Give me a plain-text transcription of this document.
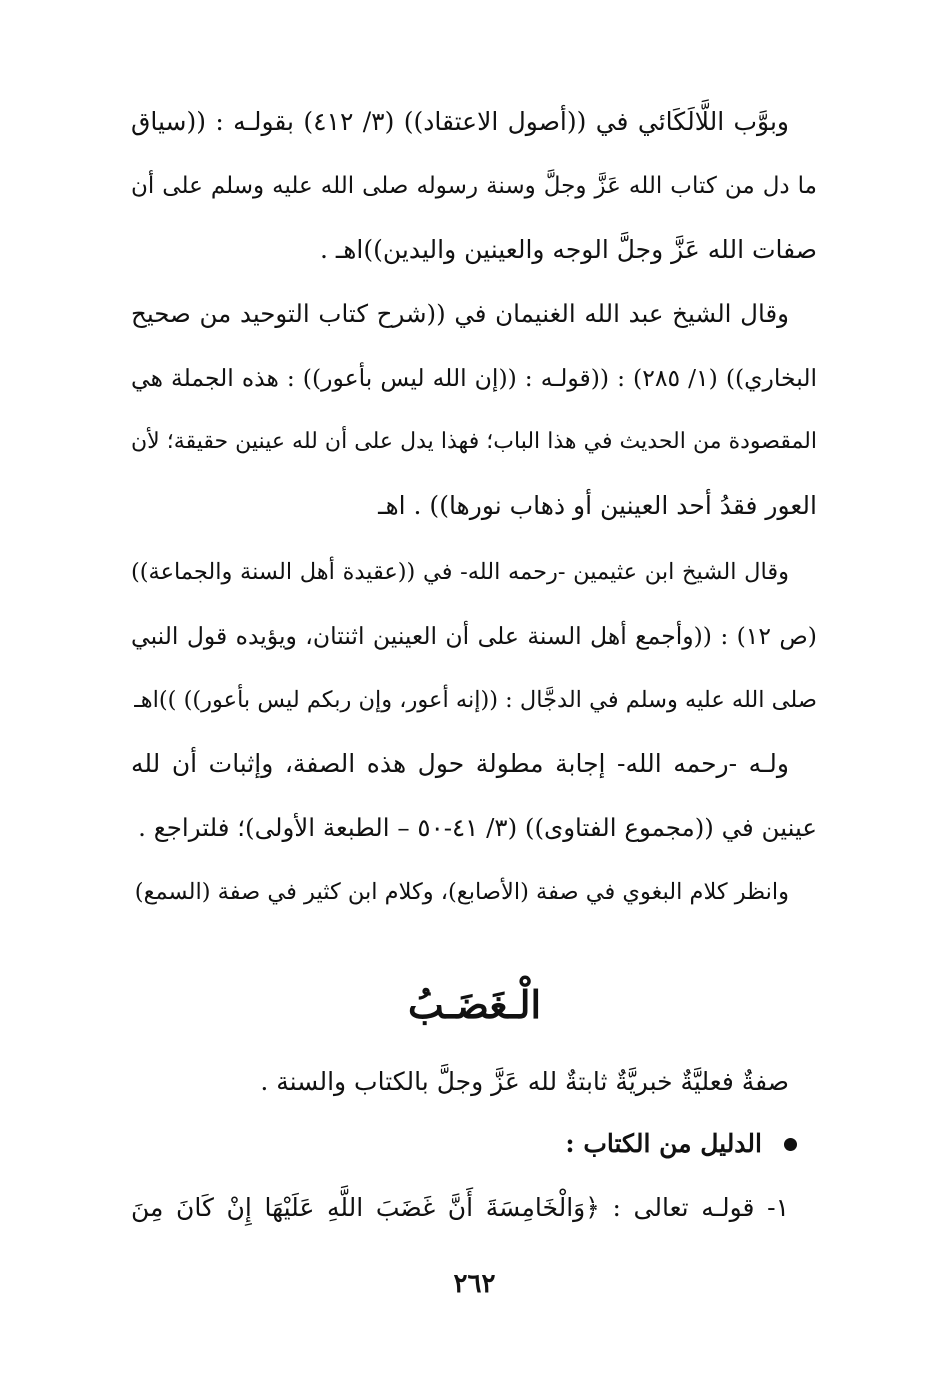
وبوَّب اللَّالَكَائي في ((أصول الاعتقاد)) (٣/ ٤١٢) بقولـه : ((سياق
ما دل من كتاب الله عَزَّ وجلَّ وسنة رسوله صلى الله عليه وسلم على أن
صفات الله عَزَّ وجلَّ الوجه والعينين واليدين))اهـ .
وقال الشيخ عبد الله الغنيمان في ((شرح كتاب التوحيد من صحيح
البخاري)) (١/ ٢٨٥) : ((قولـه : ((إن الله ليس بأعور)) : هذه الجملة هي
المقصودة من الحديث في هذا الباب؛ فهذا يدل على أن لله عينين حقيقة؛ لأن
العور فقدُ أحد العينين أو ذهاب نورها)) . اهـ
وقال الشيخ ابن عثيمين -رحمه الله- في ((عقيدة أهل السنة والجماعة))
(ص ١٢) : ((وأجمع أهل السنة على أن العينين اثنتان، ويؤيده قول النبي
صلى الله عليه وسلم في الدجَّال : ((إنه أعور، وإن ربكم ليس بأعور)) ))اهـ
ولـه -رحمه الله- إجابة مطولة حول هذه الصفة، وإثبات أن لله
عينين في ((مجموع الفتاوى)) (٣/ ٤١-٥٠ – الطبعة الأولى)؛ فلتراجع .
وانظر كلام البغوي في صفة (الأصابع)، وكلام ابن كثير في صفة (السمع)
الْـغَضَـبُ
صفةٌ فعليَّةٌ خبريَّةٌ ثابتةٌ لله عَزَّ وجلَّ بالكتاب والسنة .
الدليل من الكتاب :
١- قولـه تعالى : ﴿وَالْخَامِسَةَ أَنَّ غَضَبَ اللَّهِ عَلَيْهَا إِنْ كَانَ مِنَ
٢٦٢
